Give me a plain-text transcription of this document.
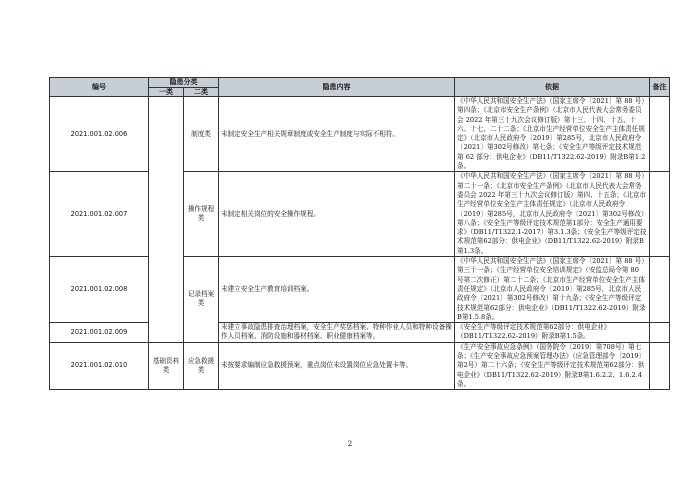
编号	隐患分类		隐患内容	依据	备注
	一类	二类			
2021.001.02.006		制度类	未制定安全生产相关规章制度或安全生产制度与实际不相符。	《中华人民共和国安全生产法》（国家主席令〔2021〕第 88 号）第四条；《北京市安全生产条例》（北京市人民代表大会常务委员会 2022 年第三十九次会议修订版）第十三、十四、十五、十六、十七、二十二条；《北京市生产经营单位安全生产主体责任规定》（北京市人民政府令〔2019〕第285号，北京市人民政府令〔2021〕第302号修改）第七条；《安全生产等级评定技术规范第 62 部分：供电企业》（DB11/T1322.62-2019）附录B第1.2条。	
2021.001.02.007		操作规程类	未制定相关岗位的安全操作规程。	《中华人民共和国安全生产法》（国家主席令〔2021〕第 88 号）第二十一条；《北京市安全生产条例》（北京市人民代表大会常务委员会 2022 年第三十九次会议修订版）第四、十五条；《北京市生产经营单位安全生产主体责任规定》（北京市人民政府令〔2019〕第285号，北京市人民政府令〔2021〕第302号修改）第八条；《安全生产等级评定技术规范第1部分：安全生产通用要求》（DB11/T1322.1-2017）第3.1.3条；《安全生产等级评定技术规范第62部分：供电企业》（DB11/T1322.62-2019）附录B第1.3条。	
2021.001.02.008		记录档案类	未建立安全生产教育培训档案。	《中华人民共和国安全生产法》（国家主席令〔2021〕第 88 号）第三十一条；《生产经营单位安全培训规定》（安监总局令第 80 号第二次修正）第二十二条；《北京市生产经营单位安全生产主体责任规定》（北京市人民政府令〔2019〕第285号，北京市人民政府令〔2021〕第302号修改）第十九条；《安全生产等级评定技术规范第62部分：供电企业》（DB11/T1322.62-2019）附录B第1.5.8条。	
2021.001.02.009			未建立事故隐患排查治理档案，安全生产奖惩档案、特种作业人员和特种设备操作人员档案、消防设施和器材档案、职业健康档案等。	《安全生产等级评定技术规范第62部分：供电企业》（DB11/T1322.62-2019）附录B第1.5条。	
2021.001.02.010	基础资料类	应急救援类	未按要求编制应急救援预案，重点岗位未设置岗位应急处置卡等。	《生产安全事故应急条例》（国务院令〔2019〕第708号）第七条；《生产安全事故应急预案管理办法》（应急管理部令〔2019〕第2号）第二十六条；《安全生产等级评定技术规范第62部分：供电企业》（DB11/T1322.62-2019）附录B第1.6.2.2、1.6.2.4条。	
2
